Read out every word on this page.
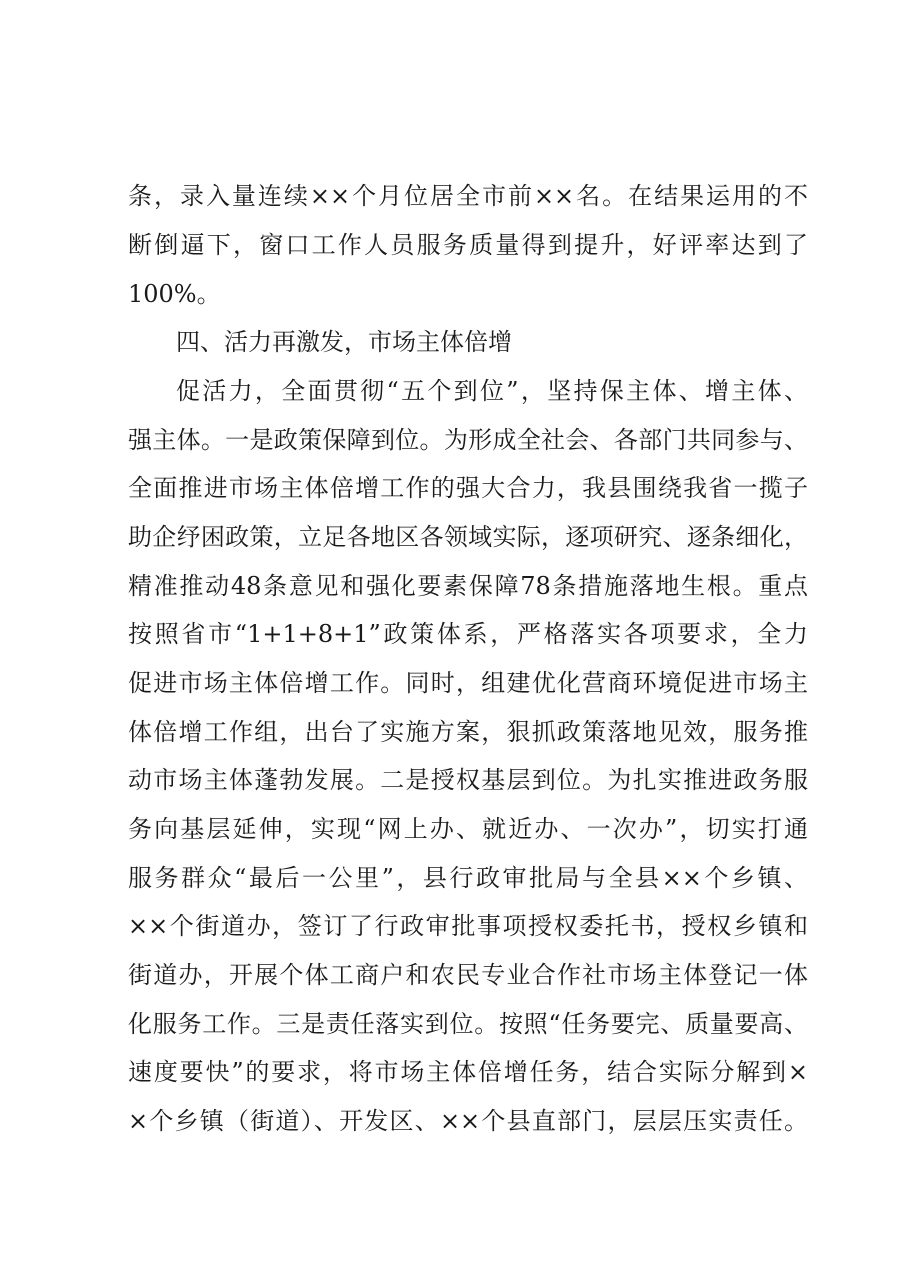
条，录入量连续××个月位居全市前××名。在结果运用的不
断倒逼下，窗口工作人员服务质量得到提升，好评率达到了
100%。
四、活力再激发，市场主体倍增
促活力，全面贯彻“五个到位”，坚持保主体、增主体、
强主体。一是政策保障到位。为形成全社会、各部门共同参与、
全面推进市场主体倍增工作的强大合力，我县围绕我省一揽子
助企纾困政策，立足各地区各领域实际，逐项研究、逐条细化，
精准推动48条意见和强化要素保障78条措施落地生根。重点
按照省市“1+1+8+1”政策体系，严格落实各项要求，全力
促进市场主体倍增工作。同时，组建优化营商环境促进市场主
体倍增工作组，出台了实施方案，狠抓政策落地见效，服务推
动市场主体蓬勃发展。二是授权基层到位。为扎实推进政务服
务向基层延伸，实现“网上办、就近办、一次办”，切实打通
服务群众“最后一公里”，县行政审批局与全县××个乡镇、
××个街道办，签订了行政审批事项授权委托书，授权乡镇和
街道办，开展个体工商户和农民专业合作社市场主体登记一体
化服务工作。三是责任落实到位。按照“任务要完、质量要高、
速度要快”的要求，将市场主体倍增任务，结合实际分解到×
×个乡镇（街道）、开发区、××个县直部门，层层压实责任。
